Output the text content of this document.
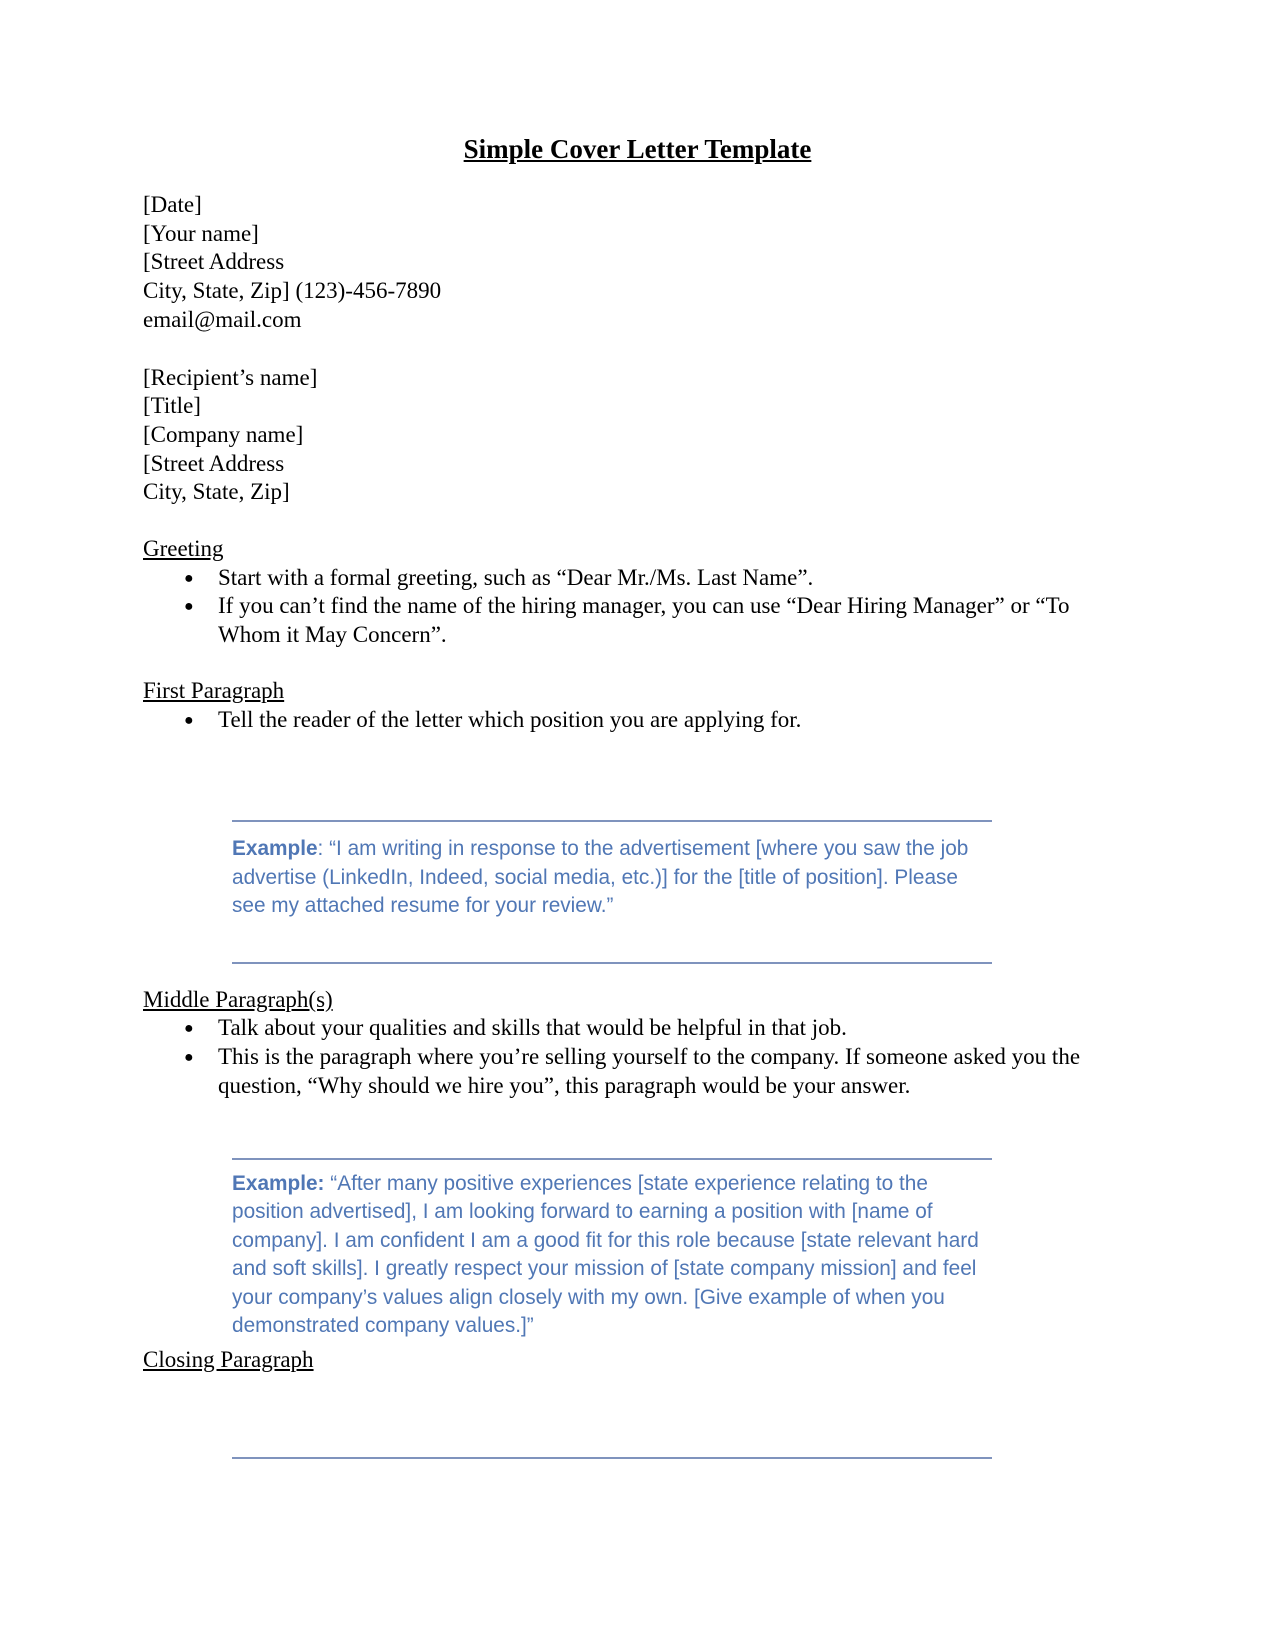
Simple Cover Letter Template

[Date]

[Your name]

[Street Address

City, State, Zip] (123)-456-7890

email@mail.com

[Recipient’s name]

[Title]

[Company name]

[Street Address

City, State, Zip]

Greeting
● Start with a formal greeting, such as “Dear Mr./Ms. Last Name”.
● If you can’t find the name of the hiring manager, you can use “Dear Hiring Manager” or “To Whom it May Concern”.
First Paragraph
● Tell the reader of the letter which position you are applying for.

Example: “I am writing in response to the advertisement [where you saw the job advertise (LinkedIn, Indeed, social media, etc.)] for the [title of position]. Please see my attached resume for your review.”

Middle Paragraph(s)
● Talk about your qualities and skills that would be helpful in that job.
● This is the paragraph where you’re selling yourself to the company. If someone asked you the question, “Why should we hire you”, this paragraph would be your answer.

Example: “After many positive experiences [state experience relating to the position advertised], I am looking forward to earning a position with [name of company]. I am confident I am a good fit for this role because [state relevant hard and soft skills]. I greatly respect your mission of [state company mission] and feel your company’s values align closely with my own. [Give example of when you demonstrated company values.]”

Closing Paragraph
